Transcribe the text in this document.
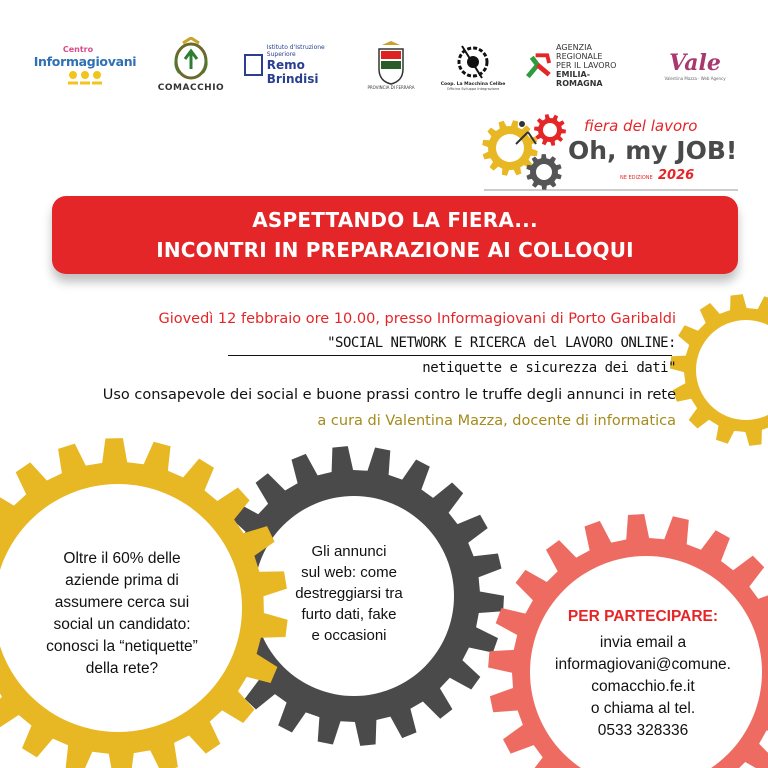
Centro
Informagiovani
COMACCHIO
Istituto d'Istruzione Superiore
Remo Brindisi
PROVINCIA DI FERRARA
Coop. La Macchina Celibe
Officina Sviluppo Integrazione
AGENZIA
REGIONALE
PER IL LAVORO
EMILIA-ROMAGNA
Vale
Valentina Mazza · Web Agency
fiera del lavoro
Oh, my JOB!
NE EDIZIONE 2026
ASPETTANDO LA FIERA...
INCONTRI IN PREPARAZIONE AI COLLOQUI
Giovedì 12 febbraio ore 10.00, presso Informagiovani di Porto Garibaldi
"SOCIAL NETWORK E RICERCA del LAVORO ONLINE:
netiquette e sicurezza dei dati"
Uso consapevole dei social e buone prassi contro le truffe degli annunci in rete
a cura di Valentina Mazza, docente di informatica
Oltre il 60% delle
aziende prima di
assumere cerca sui
social un candidato:
conosci la “netiquette”
della rete?
Gli annunci
sul web: come
destreggiarsi tra
furto dati, fake
e occasioni
PER PARTECIPARE:
invia email a
informagiovani@comune.
comacchio.fe.it
o chiama al tel.
0533 328336
